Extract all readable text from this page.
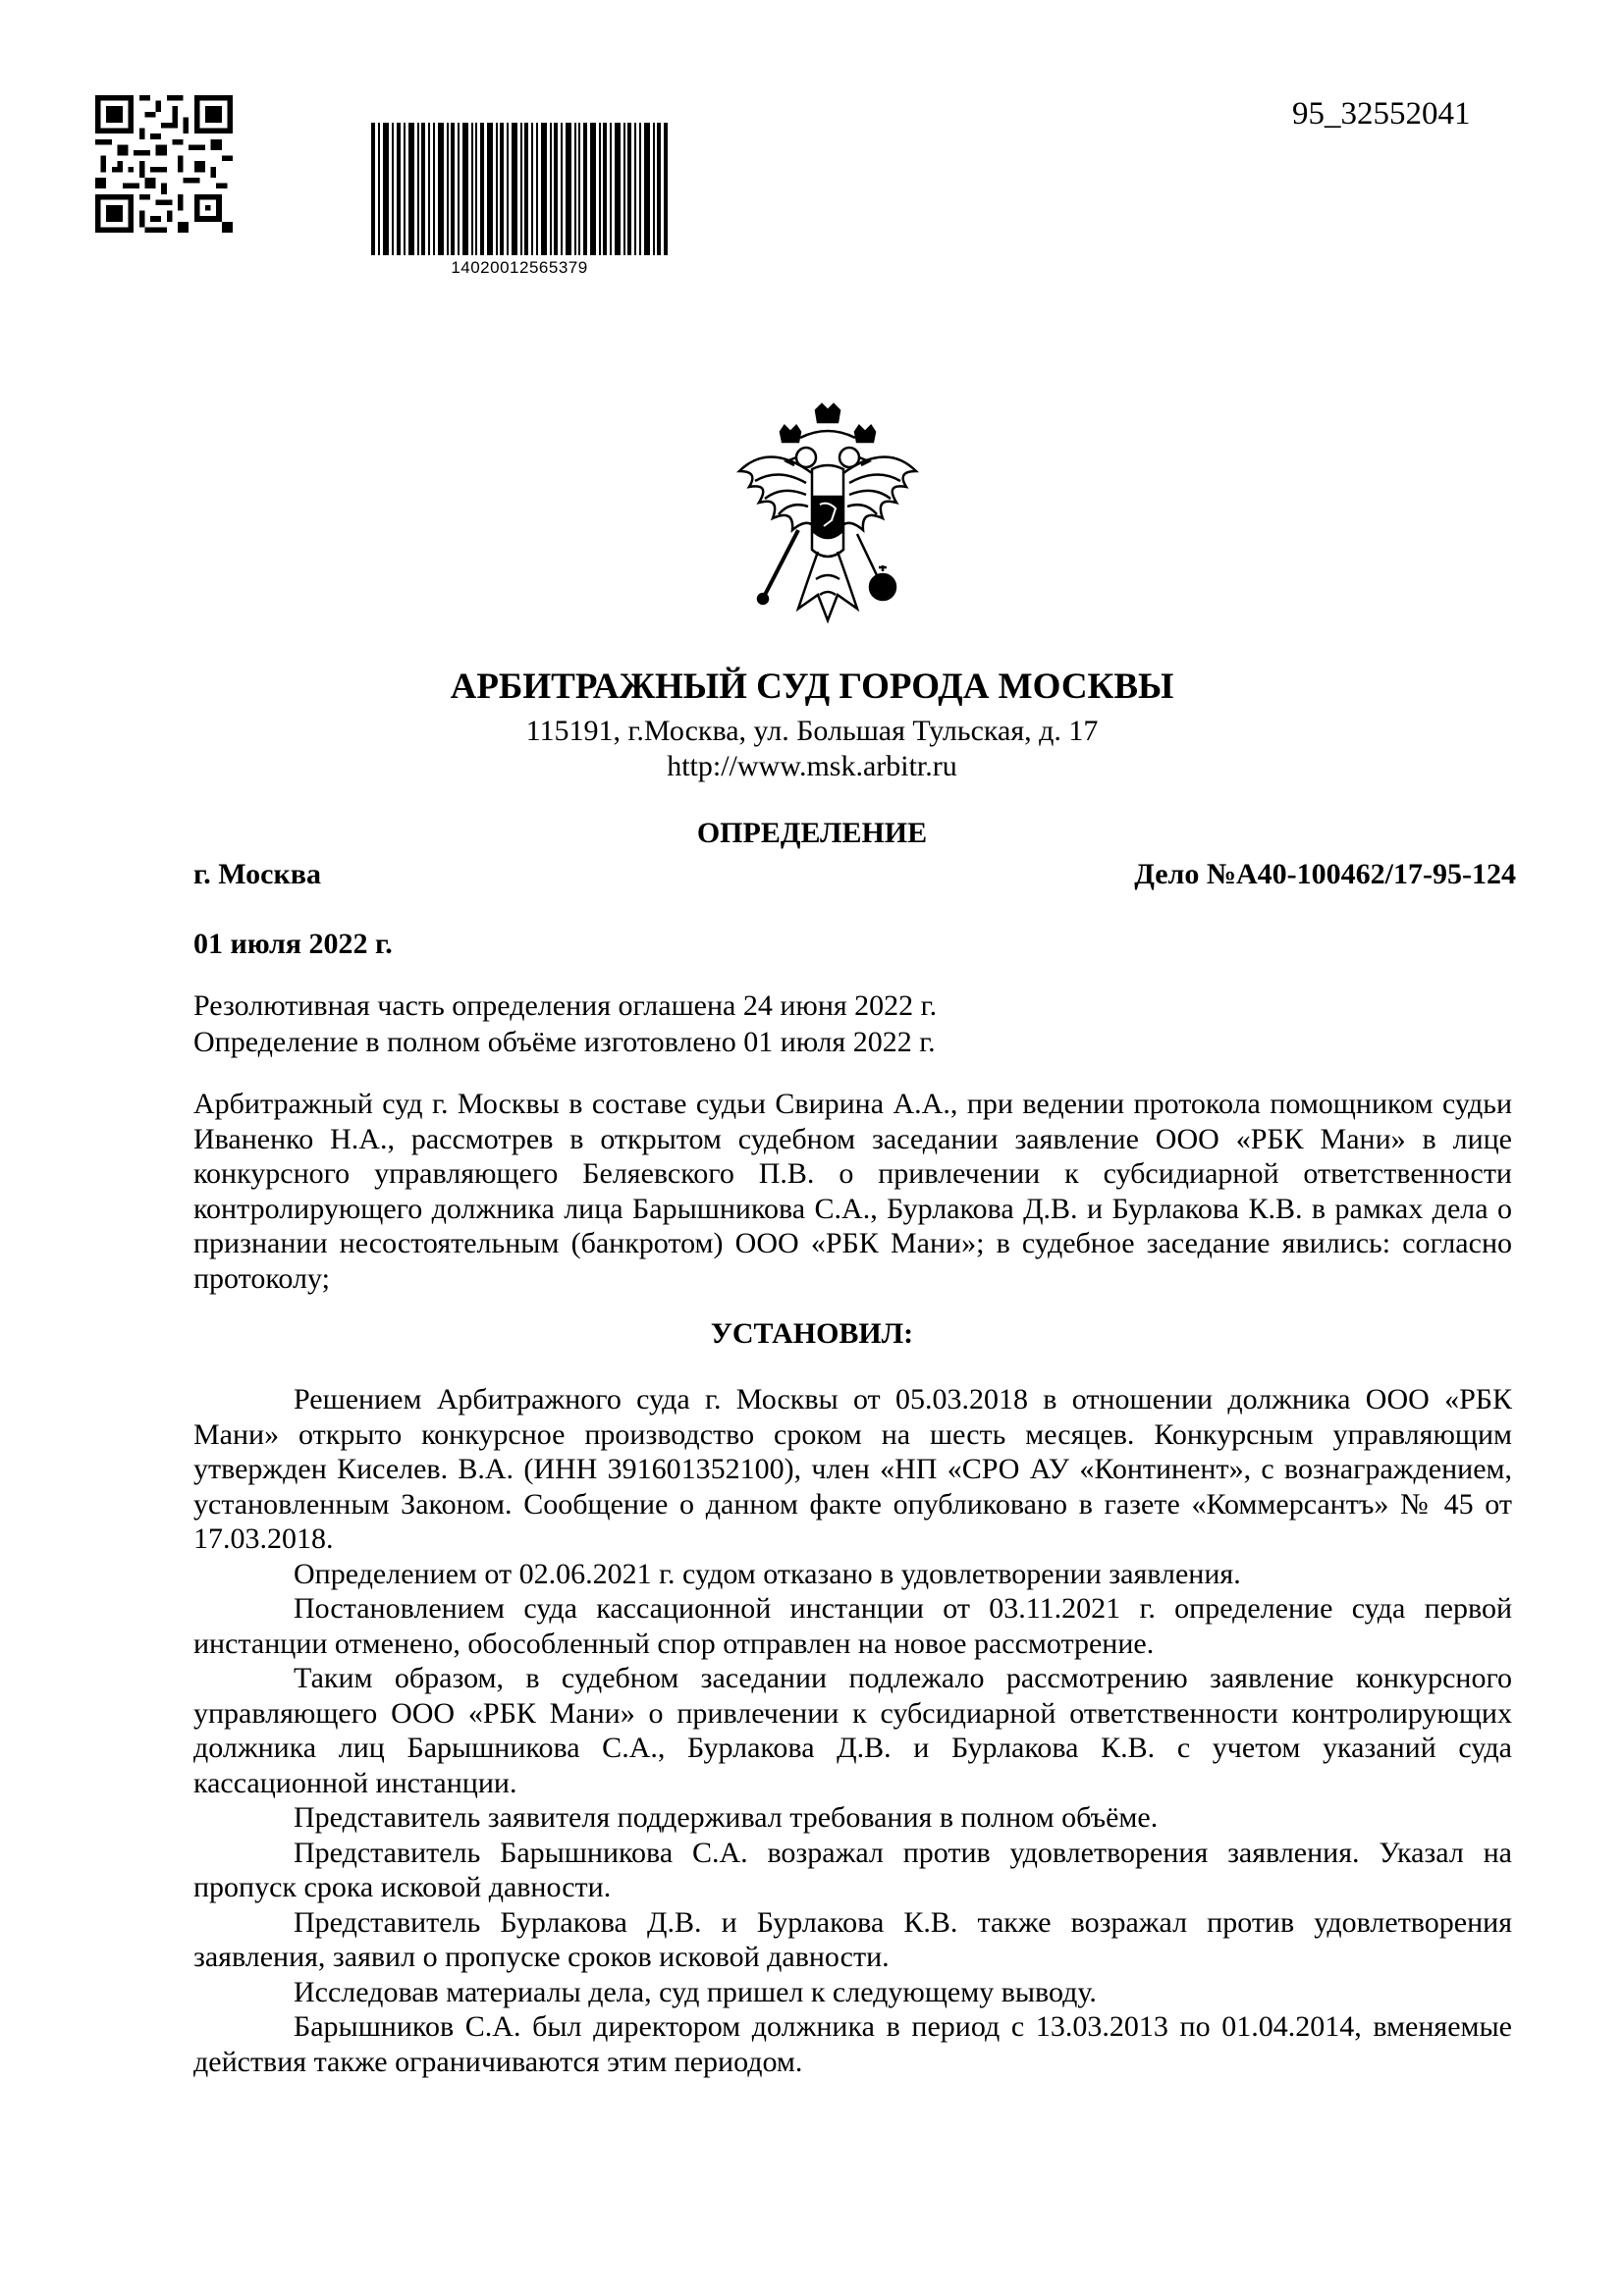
95_32552041
14020012565379
АРБИТРАЖНЫЙ СУД ГОРОДА МОСКВЫ
115191, г.Москва, ул. Большая Тульская, д. 17
http://www.msk.arbitr.ru
ОПРЕДЕЛЕНИЕ
г. Москва	Дело №А40-100462/17-95-124
01 июля 2022 г.
Резолютивная часть определения оглашена 24 июня 2022 г.
Определение в полном объёме изготовлено 01 июля 2022 г.

Арбитражный суд г. Москвы в составе судьи Свирина А.А., при ведении протокола помощником судьи Иваненко Н.А., рассмотрев в открытом судебном заседании заявление ООО «РБК Мани» в лице конкурсного управляющего Беляевского П.В. о привлечении к субсидиарной ответственности контролирующего должника лица Барышникова С.А., Бурлакова Д.В. и Бурлакова К.В. в рамках дела о признании несостоятельным (банкротом) ООО «РБК Мани»; в судебное заседание явились: согласно протоколу;

УСТАНОВИЛ:

Решением Арбитражного суда г. Москвы от 05.03.2018 в отношении должника ООО «РБК Мани» открыто конкурсное производство сроком на шесть месяцев. Конкурсным управляющим утвержден Киселев. В.А. (ИНН 391601352100), член «НП «СРО АУ «Континент», с вознаграждением, установленным Законом. Сообщение о данном факте опубликовано в газете «Коммерсантъ» № 45 от 17.03.2018.

Определением от 02.06.2021 г. судом отказано в удовлетворении заявления.

Постановлением суда кассационной инстанции от 03.11.2021 г. определение суда первой инстанции отменено, обособленный спор отправлен на новое рассмотрение.

Таким образом, в судебном заседании подлежало рассмотрению заявление конкурсного управляющего ООО «РБК Мани» о привлечении к субсидиарной ответственности контролирующих должника лиц Барышникова С.А., Бурлакова Д.В. и Бурлакова К.В. с учетом указаний суда кассационной инстанции.

Представитель заявителя поддерживал требования в полном объёме.

Представитель Барышникова С.А. возражал против удовлетворения заявления. Указал на пропуск срока исковой давности.

Представитель Бурлакова Д.В. и Бурлакова К.В. также возражал против удовлетворения заявления, заявил о пропуске сроков исковой давности.

Исследовав материалы дела, суд пришел к следующему выводу.

Барышников С.А. был директором должника в период с 13.03.2013 по 01.04.2014, вменяемые действия также ограничиваются этим периодом.
